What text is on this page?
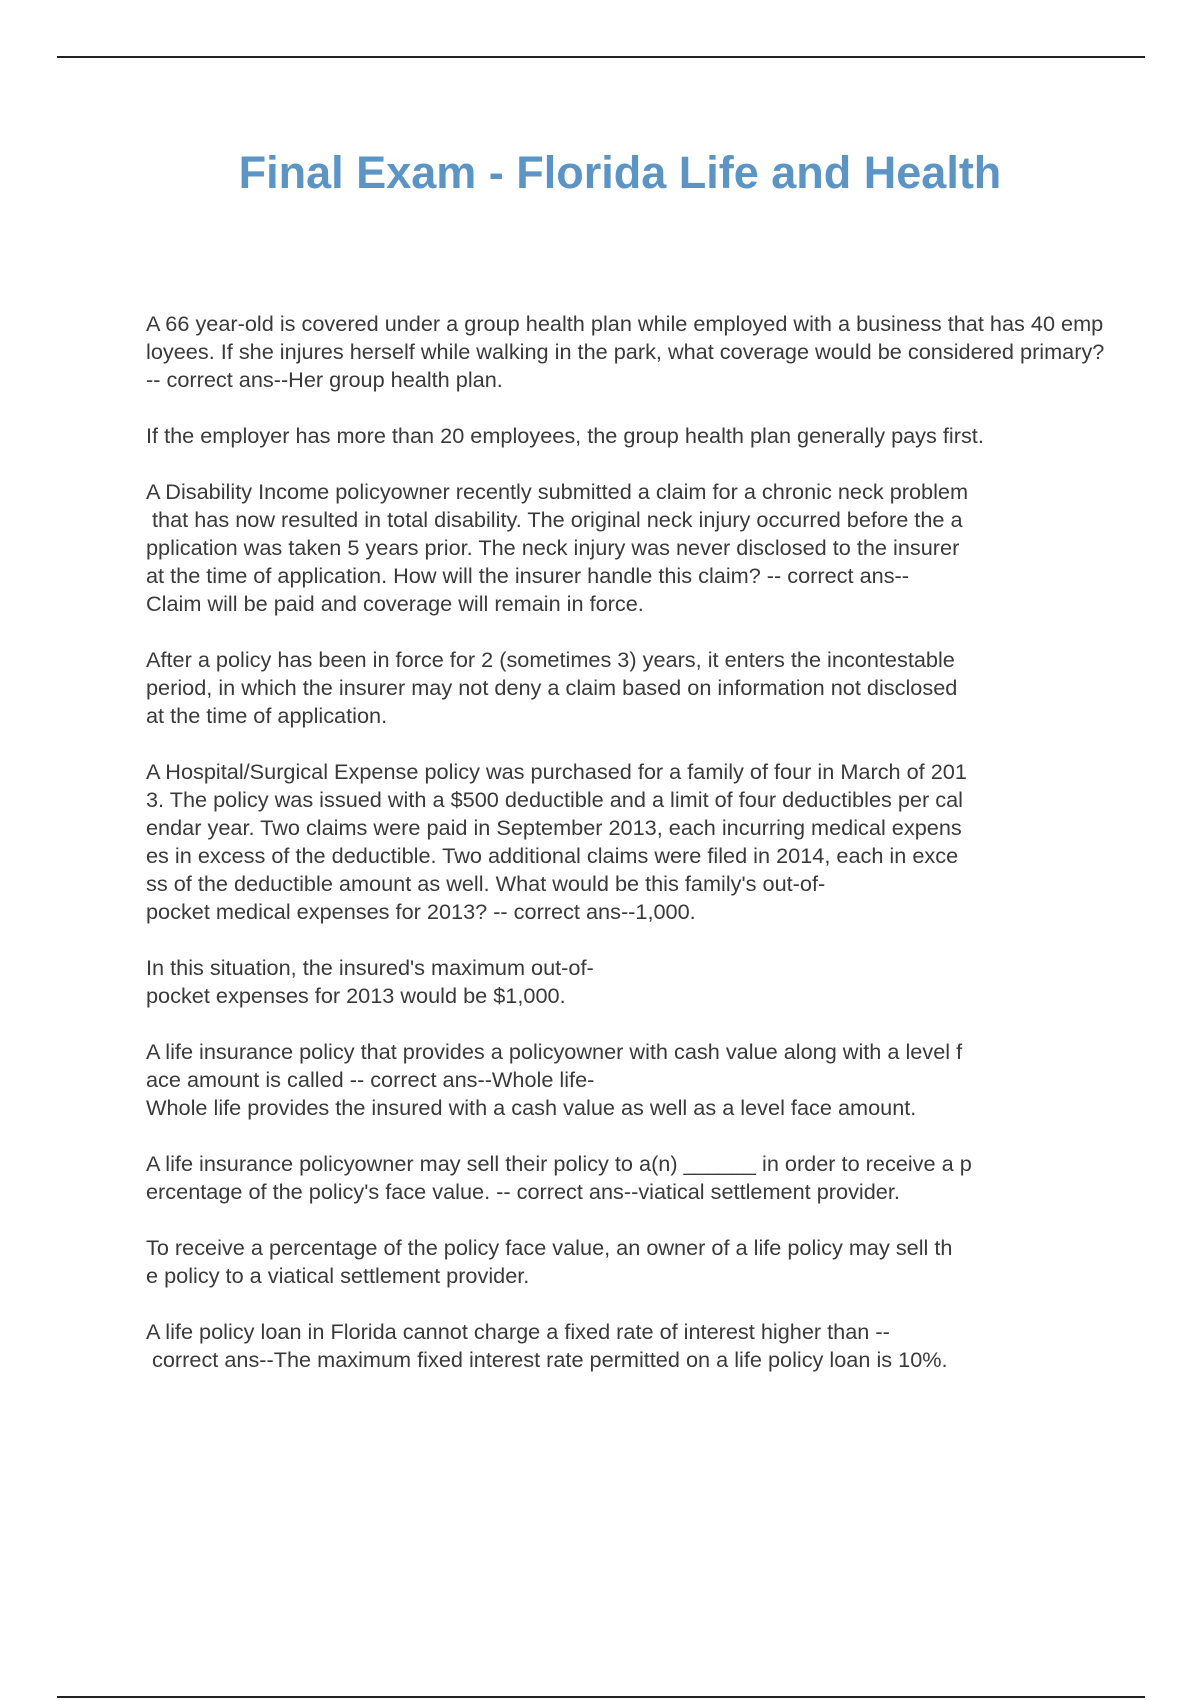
Final Exam - Florida Life and Health

A 66 year-old is covered under a group health plan while employed with a business that has 40 employees. If she injures herself while walking in the park, what coverage would be considered primary? -- correct ans--Her group health plan.

If the employer has more than 20 employees, the group health plan generally pays first.

A Disability Income policyowner recently submitted a claim for a chronic neck problem
that has now resulted in total disability. The original neck injury occurred before the a
pplication was taken 5 years prior. The neck injury was never disclosed to the insurer
at the time of application. How will the insurer handle this claim? -- correct ans--
Claim will be paid and coverage will remain in force.

After a policy has been in force for 2 (sometimes 3) years, it enters the incontestable
period, in which the insurer may not deny a claim based on information not disclosed
at the time of application.

A Hospital/Surgical Expense policy was purchased for a family of four in March of 201
3. The policy was issued with a $500 deductible and a limit of four deductibles per cal
endar year. Two claims were paid in September 2013, each incurring medical expens
es in excess of the deductible. Two additional claims were filed in 2014, each in exce
ss of the deductible amount as well. What would be this family's out-of-
pocket medical expenses for 2013? -- correct ans--1,000.

In this situation, the insured's maximum out-of-
pocket expenses for 2013 would be $1,000.

A life insurance policy that provides a policyowner with cash value along with a level f
ace amount is called -- correct ans--Whole life-
Whole life provides the insured with a cash value as well as a level face amount.

A life insurance policyowner may sell their policy to a(n) ______ in order to receive a p
ercentage of the policy's face value. -- correct ans--viatical settlement provider.

To receive a percentage of the policy face value, an owner of a life policy may sell th
e policy to a viatical settlement provider.

A life policy loan in Florida cannot charge a fixed rate of interest higher than --
correct ans--The maximum fixed interest rate permitted on a life policy loan is 10%.
